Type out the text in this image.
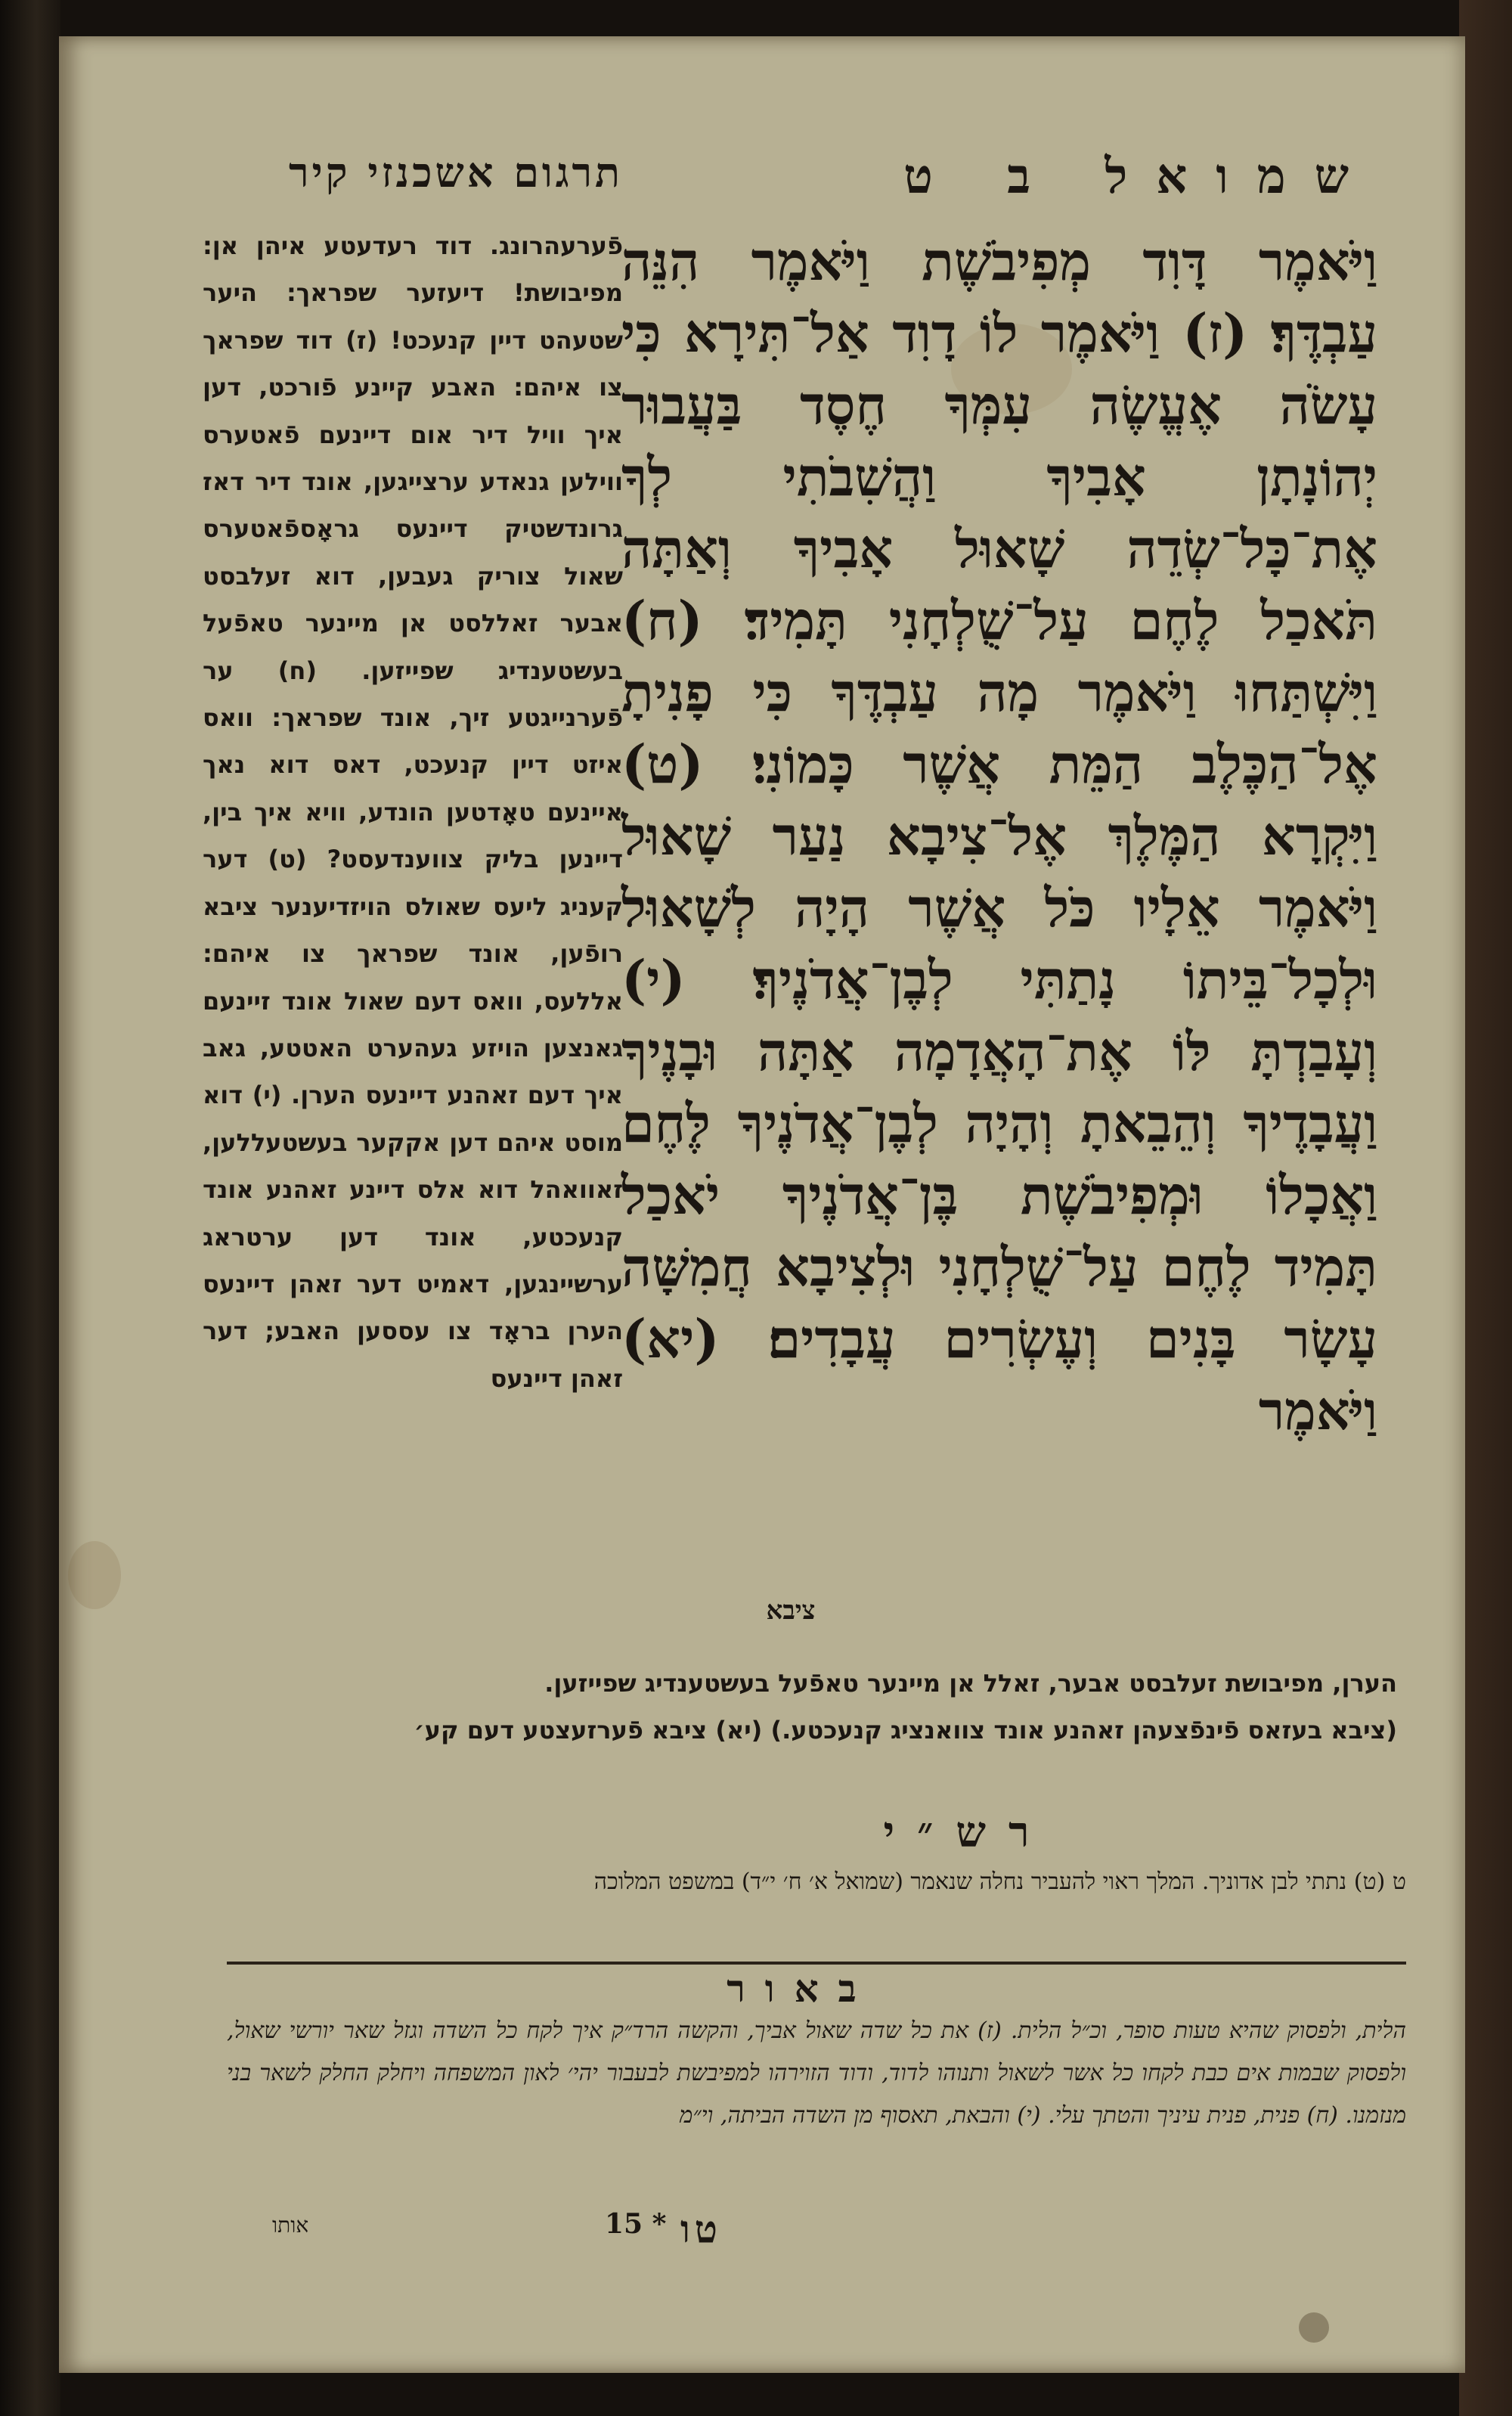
שמואל ב ט
וַיֹּאמֶר דָּוִד מְפִיבֹשֶׁת וַיֹּאמֶר הִנֵּה עַבְדֶּךָ׃ (ז) וַיֹּאמֶר לוֹ דָוִד אַל־תִּירָא כִּי עָשֹׂה אֶעֱשֶׂה עִמְּךָ חֶסֶד בַּעֲבוּר יְהוֹנָתָן אָבִיךָ וַהֲשִׁבֹתִי לְךָ אֶת־כָּל־שְׂדֵה שָׁאוּל אָבִיךָ וְאַתָּה תֹּאכַל לֶחֶם עַל־שֻׁלְחָנִי תָּמִיד׃ (ח) וַיִּשְׁתַּחוּ וַיֹּאמֶר מָה עַבְדֶּךָ כִּי פָנִיתָ אֶל־הַכֶּלֶב הַמֵּת אֲשֶׁר כָּמוֹנִי׃ (ט) וַיִּקְרָא הַמֶּלֶךְ אֶל־צִיבָא נַעַר שָׁאוּל וַיֹּאמֶר אֵלָיו כֹּל אֲשֶׁר הָיָה לְשָׁאוּל וּלְכָל־בֵּיתוֹ נָתַתִּי לְבֶן־אֲדֹנֶיךָ׃ (י) וְעָבַדְתָּ לּוֹ אֶת־הָאֲדָמָה אַתָּה וּבָנֶיךָ וַעֲבָדֶיךָ וְהֵבֵאתָ וְהָיָה לְבֶן־אֲדֹנֶיךָ לֶּחֶם וַאֲכָלוֹ וּמְפִיבֹשֶׁת בֶּן־אֲדֹנֶיךָ יֹאכַל תָּמִיד לֶחֶם עַל־שֻׁלְחָנִי וּלְצִיבָא חֲמִשָּׁה עָשָׂר בָּנִים וְעֶשְׂרִים עֲבָדִים׃ (יא) וַיֹּאמֶר
ציבא
תרגום אשכנזי קיר
פֿערעהרונג. דוד רעדעטע איהן אן: מפיבושת! דיעזער שפראך: היער שטעהט דיין קנעכט! (ז) דוד שפראך צו איהם: האבע קיינע פֿורכט, דען איך וויל דיר אום דיינעם פֿאטערס ווילען גנאדע ערצייגען, אונד דיר דאז גרונדשטיק דיינעס גראָספֿאטערס שאול צוריק געבען, דוא זעלבסט אבער זאללסט אן מיינער טאפֿעל בעשטענדיג שפייזען. (ח) ער פֿערנייגטע זיך, אונד שפראך: וואס איזט דיין קנעכט, דאס דוא נאך איינעם טאָדטען הונדע, וויא איך בין, דיינען בליק צווענדעסט? (ט) דער קעניג ליעס שאולס הויזדיענער ציבא רופֿען, אונד שפראך צו איהם: אללעס, וואס דעם שאול אונד זיינעם גאנצען הויזע געהערט האטטע, גאב איך דעם זאהנע דיינעס הערן. (י) דוא מוסט איהם דען אקקער בעשטעללען, זאוואהל דוא אלס דיינע זאהנע אונד קנעכטע, אונד דען ערטראג ערשיינגען, דאמיט דער זאהן דיינעס הערן בראָד צו עססען האבע; דער זאהן דיינעס
הערן, מפיבושת זעלבסט אבער, זאלל אן מיינער טאפֿעל בעשטענדיג שפייזען.
(ציבא בעזאס פֿינפֿצעהן זאהנע אונד צוואנציג קנעכטע.) (יא) ציבא פֿערזעצטע דעם קע׳
רש״י
ט (ט) נתתי לבן אדוניך. המלך ראוי להעביר נחלה שנאמר (שמואל א׳ ח׳ י״ד) במשפט המלוכה
באור
הלית, ולפסוק שהיא טעות סופר, וכ״ל הלית. (ז) את כל שדה שאול אביך, והקשה הרד״ק איך לקח כל השדה וגזל שאר יורשי שאול, ולפסוק שבמות אים כבת לקחו כל אשר לשאול ותנוהו לדוד, ודוד הזוירהו למפיבשת לבעבור יהי׳ לאון המשפחה ויחלק החלק לשאר בני מנזמנו. (ח) פנית, פנית עיניך והטתך עלי. (י) והבאת, תאסוף מן השדה הביתה, וי״מ
אותו	15 * טו
